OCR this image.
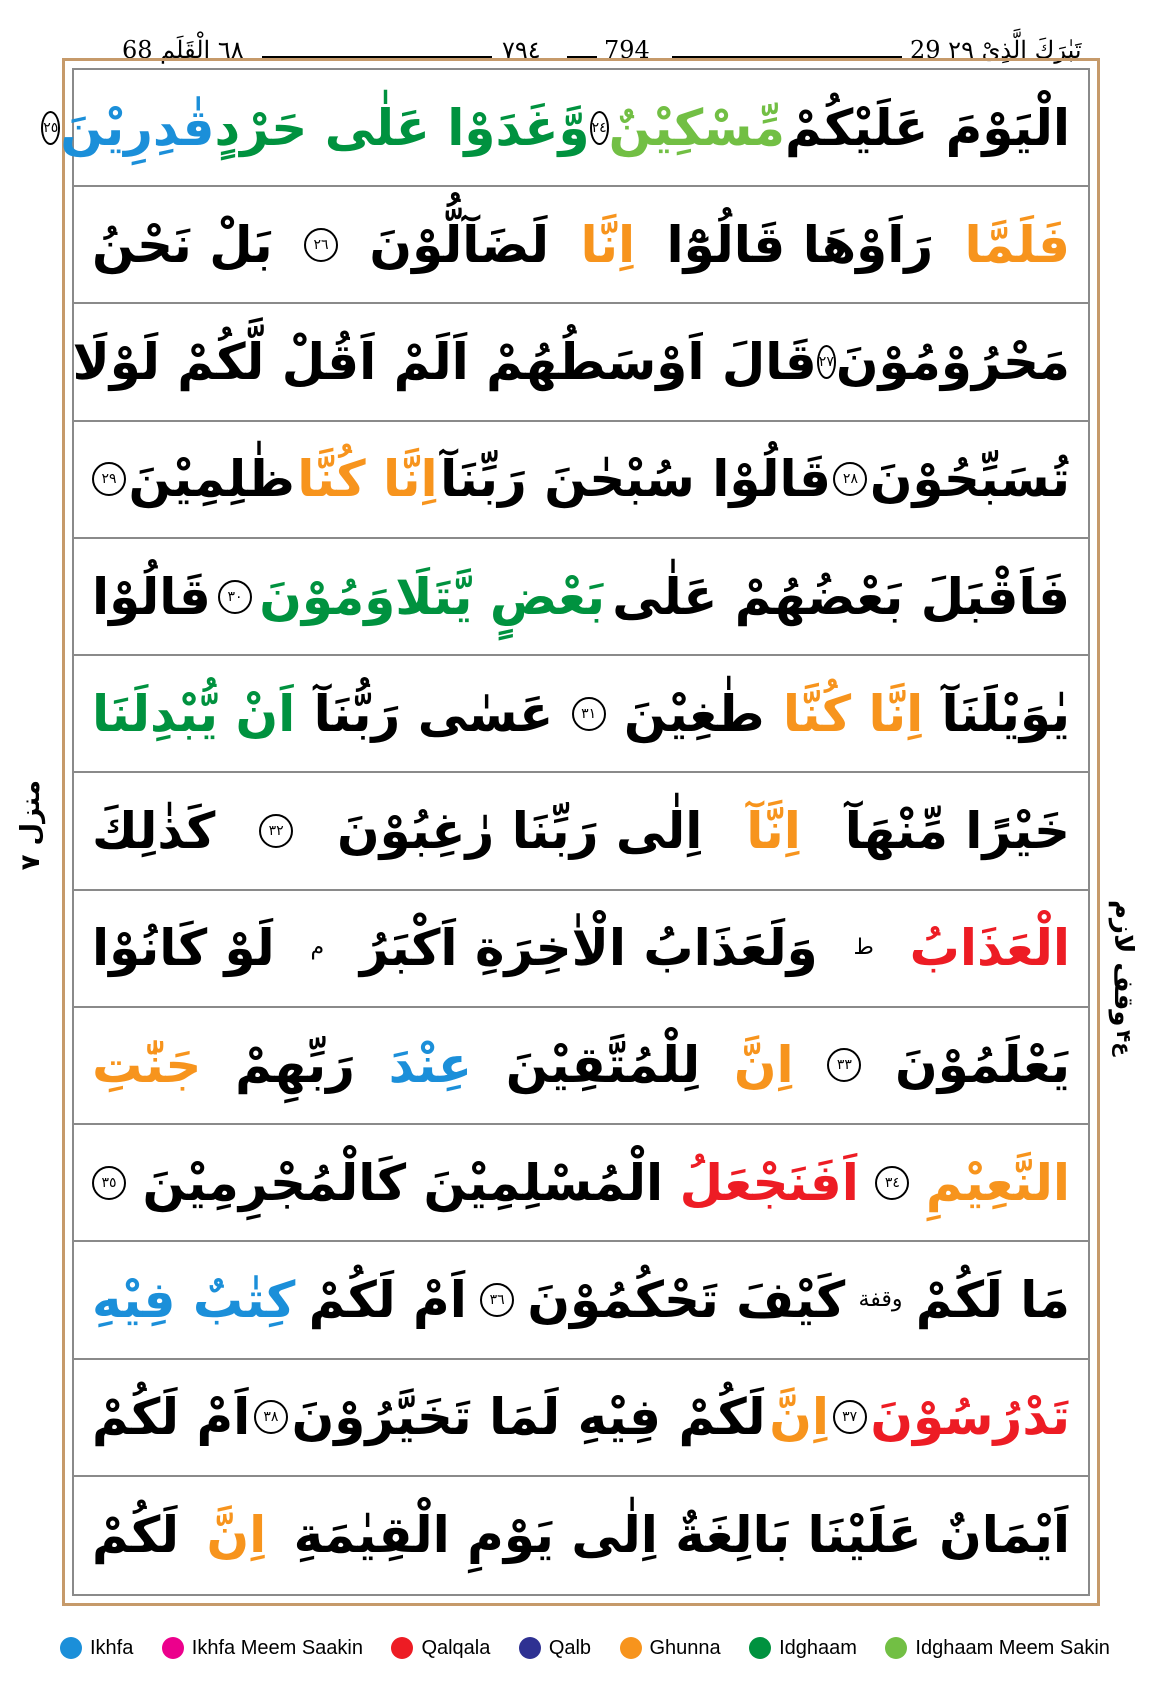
٦٨ الْقَلَم 68	٧٩٤	794	29 تَبٰرَكَ الَّذِیْ ٢٩
منزل ٧
وقف لازم
۴ع
الْيَوْمَ عَلَيْكُمْ
مِّسْكِيْنٌ
٢٤
وَّغَدَوْا عَلٰى حَرْدٍ
قٰدِرِيْنَ
٢٥
فَلَمَّا
رَاَوْهَا قَالُوْٓا
اِنَّا
لَضَآلُّوْنَ
٢٦
بَلْ نَحْنُ
مَحْرُوْمُوْنَ
٢٧
قَالَ اَوْسَطُهُمْ اَلَمْ اَقُلْ لَّكُمْ لَوْلَا
تُسَبِّحُوْنَ
٢٨
قَالُوْا سُبْحٰنَ رَبِّنَآ
اِنَّا كُنَّا
ظٰلِمِيْنَ
٢٩
فَاَقْبَلَ بَعْضُهُمْ عَلٰى
بَعْضٍ يَّتَلَاوَمُوْنَ
٣٠
قَالُوْا
يٰوَيْلَنَآ
اِنَّا كُنَّا
طٰغِيْنَ
٣١
عَسٰى رَبُّنَآ
اَنْ يُّبْدِلَنَا
خَيْرًا مِّنْهَآ
اِنَّآ
اِلٰى رَبِّنَا رٰغِبُوْنَ
٣٢
كَذٰلِكَ
الْعَذَابُ
ط
وَلَعَذَابُ الْاٰخِرَةِ اَكْبَرُ
م
لَوْ كَانُوْا
يَعْلَمُوْنَ
٣٣
اِنَّ
لِلْمُتَّقِيْنَ
عِنْدَ
رَبِّهِمْ
جَنّٰتِ
النَّعِيْمِ
٣٤
اَفَنَجْعَلُ
الْمُسْلِمِيْنَ كَالْمُجْرِمِيْنَ
٣٥
مَا لَكُمْ
وقفة
كَيْفَ تَحْكُمُوْنَ
٣٦
اَمْ لَكُمْ
كِتٰبٌ فِيْهِ
تَدْرُسُوْنَ
٣٧
اِنَّ
لَكُمْ فِيْهِ لَمَا تَخَيَّرُوْنَ
٣٨
اَمْ لَكُمْ
اَيْمَانٌ عَلَيْنَا بَالِغَةٌ اِلٰى يَوْمِ الْقِيٰمَةِ
اِنَّ
لَكُمْ
Ikhfa	Ikhfa Meem Saakin	Qalqala	Qalb	Ghunna	Idghaam	Idghaam Meem Sakin
